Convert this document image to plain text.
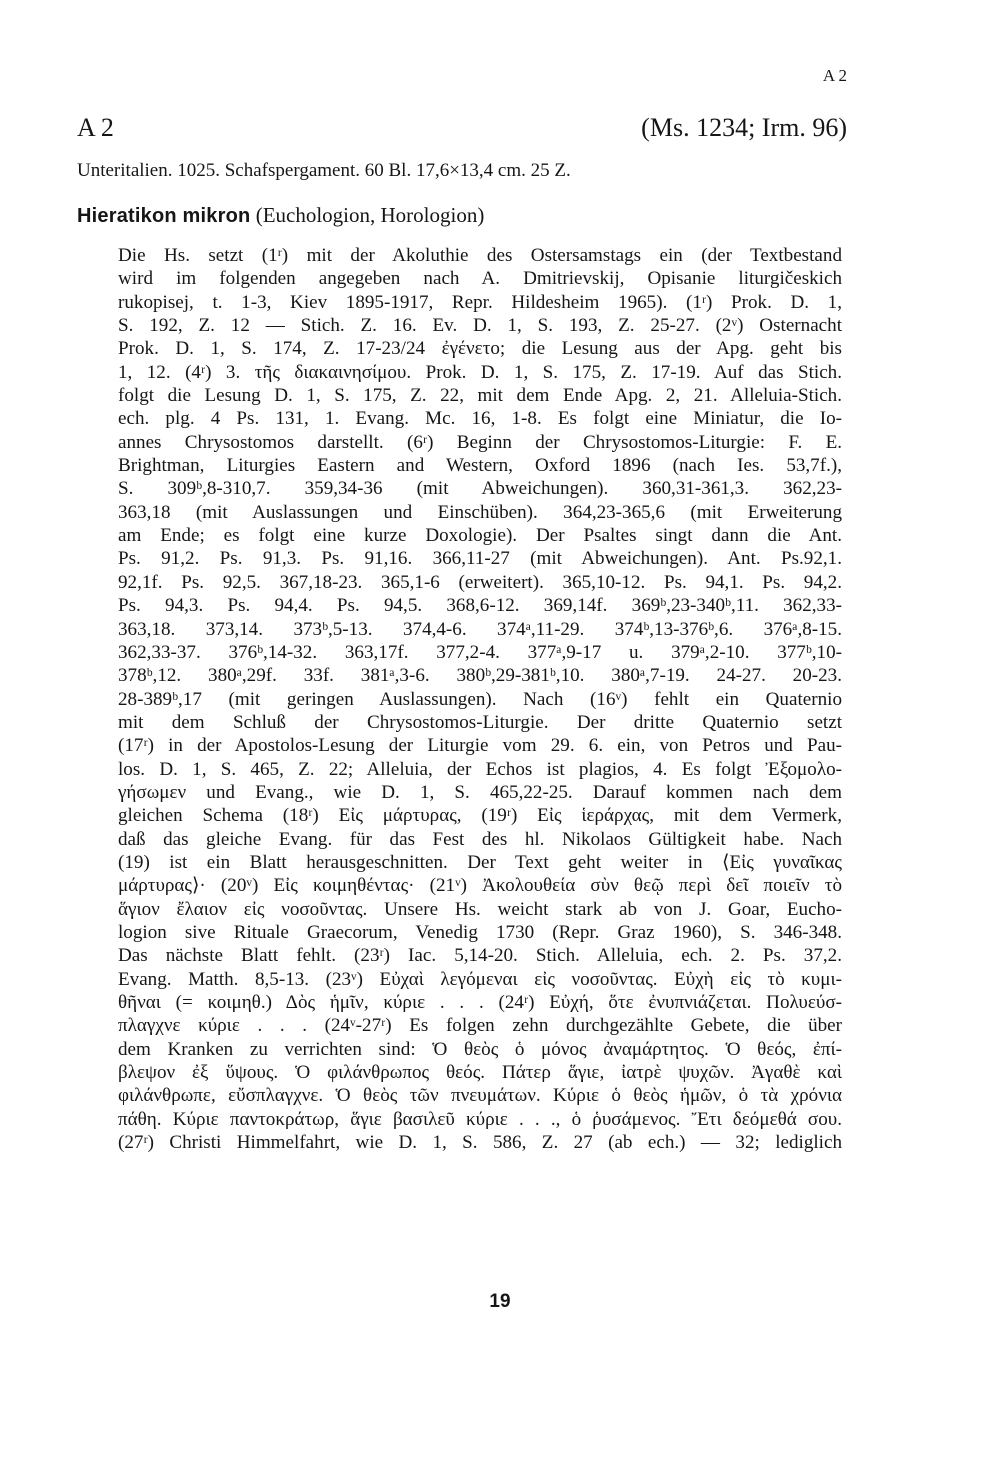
A 2
A 2	(Ms. 1234; Irm. 96)
Unteritalien. 1025. Schafspergament. 60 Bl. 17,6×13,4 cm. 25 Z.
Hieratikon mikron (Euchologion, Horologion)
Die Hs. setzt (1ʳ) mit der Akoluthie des Ostersamstags ein (der Textbestand
wird im folgenden angegeben nach A. Dmitrievskij, Opisanie liturgičeskich
rukopisej, t. 1-3, Kiev 1895-1917, Repr. Hildesheim 1965). (1ʳ) Prok. D. 1,
S. 192, Z. 12 — Stich. Z. 16. Ev. D. 1, S. 193, Z. 25-27. (2ᵛ) Osternacht
Prok. D. 1, S. 174, Z. 17-23/24 ἐγένετο; die Lesung aus der Apg. geht bis
1, 12. (4ʳ) 3. τῆς διακαινησίμου. Prok. D. 1, S. 175, Z. 17-19. Auf das Stich.
folgt die Lesung D. 1, S. 175, Z. 22, mit dem Ende Apg. 2, 21. Alleluia-Stich.
ech. plg. 4 Ps. 131, 1. Evang. Mc. 16, 1-8. Es folgt eine Miniatur, die Io-
annes Chrysostomos darstellt. (6ʳ) Beginn der Chrysostomos-Liturgie: F. E.
Brightman, Liturgies Eastern and Western, Oxford 1896 (nach Ies. 53,7f.),
S. 309ᵇ,8-310,7. 359,34-36 (mit Abweichungen). 360,31-361,3. 362,23-
363,18 (mit Auslassungen und Einschüben). 364,23-365,6 (mit Erweiterung
am Ende; es folgt eine kurze Doxologie). Der Psaltes singt dann die Ant.
Ps. 91,2. Ps. 91,3. Ps. 91,16. 366,11-27 (mit Abweichungen). Ant. Ps.92,1.
92,1f. Ps. 92,5. 367,18-23. 365,1-6 (erweitert). 365,10-12. Ps. 94,1. Ps. 94,2.
Ps. 94,3. Ps. 94,4. Ps. 94,5. 368,6-12. 369,14f. 369ᵇ,23-340ᵇ,11. 362,33-
363,18. 373,14. 373ᵇ,5-13. 374,4-6. 374ᵃ,11-29. 374ᵇ,13-376ᵇ,6. 376ᵃ,8-15.
362,33-37. 376ᵇ,14-32. 363,17f. 377,2-4. 377ᵃ,9-17 u. 379ᵃ,2-10. 377ᵇ,10-
378ᵇ,12. 380ᵃ,29f. 33f. 381ᵃ,3-6. 380ᵇ,29-381ᵇ,10. 380ᵃ,7-19. 24-27. 20-23.
28-389ᵇ,17 (mit geringen Auslassungen). Nach (16ᵛ) fehlt ein Quaternio
mit dem Schluß der Chrysostomos-Liturgie. Der dritte Quaternio setzt
(17ʳ) in der Apostolos-Lesung der Liturgie vom 29. 6. ein, von Petros und Pau-
los. D. 1, S. 465, Z. 22; Alleluia, der Echos ist plagios, 4. Es folgt Ἐξομολο-
γήσωμεν und Evang., wie D. 1, S. 465,22-25. Darauf kommen nach dem
gleichen Schema (18ʳ) Εἰς μάρτυρας, (19ʳ) Εἰς ἱεράρχας, mit dem Vermerk,
daß das gleiche Evang. für das Fest des hl. Nikolaos Gültigkeit habe. Nach
(19) ist ein Blatt herausgeschnitten. Der Text geht weiter in ⟨Εἰς γυναῖκας
μάρτυρας⟩· (20ᵛ) Εἰς κοιμηθέντας· (21ᵛ) Ἀκολουθεία σὺν θεῷ περὶ δεῖ ποιεῖν τὸ
ἅγιον ἔλαιον εἰς νοσοῦντας. Unsere Hs. weicht stark ab von J. Goar, Eucho-
logion sive Rituale Graecorum, Venedig 1730 (Repr. Graz 1960), S. 346-348.
Das nächste Blatt fehlt. (23ʳ) Iac. 5,14-20. Stich. Alleluia, ech. 2. Ps. 37,2.
Evang. Matth. 8,5-13. (23ᵛ) Εὐχαὶ λεγόμεναι εἰς νοσοῦντας. Εὐχὴ εἰς τὸ κυμι-
θῆναι (= κοιμηθ.) Δὸς ἡμῖν, κύριε . . . (24ʳ) Εὐχή, ὅτε ἐνυπνιάζεται. Πολυεύσ-
πλαγχνε κύριε . . . (24ᵛ-27ʳ) Es folgen zehn durchgezählte Gebete, die über
dem Kranken zu verrichten sind: Ὁ θεὸς ὁ μόνος ἀναμάρτητος. Ὁ θεός, ἐπί-
βλεψον ἐξ ὕψους. Ὁ φιλάνθρωπος θεός. Πάτερ ἅγιε, ἰατρὲ ψυχῶν. Ἀγαθὲ καὶ
φιλάνθρωπε, εὔσπλαγχνε. Ὁ θεὸς τῶν πνευμάτων. Κύριε ὁ θεὸς ἡμῶν, ὁ τὰ χρόνια
πάθη. Κύριε παντοκράτωρ, ἅγιε βασιλεῦ κύριε . . ., ὁ ῥυσάμενος. Ἔτι δεόμεθά σου.
(27ʳ) Christi Himmelfahrt, wie D. 1, S. 586, Z. 27 (ab ech.) — 32; lediglich
19
